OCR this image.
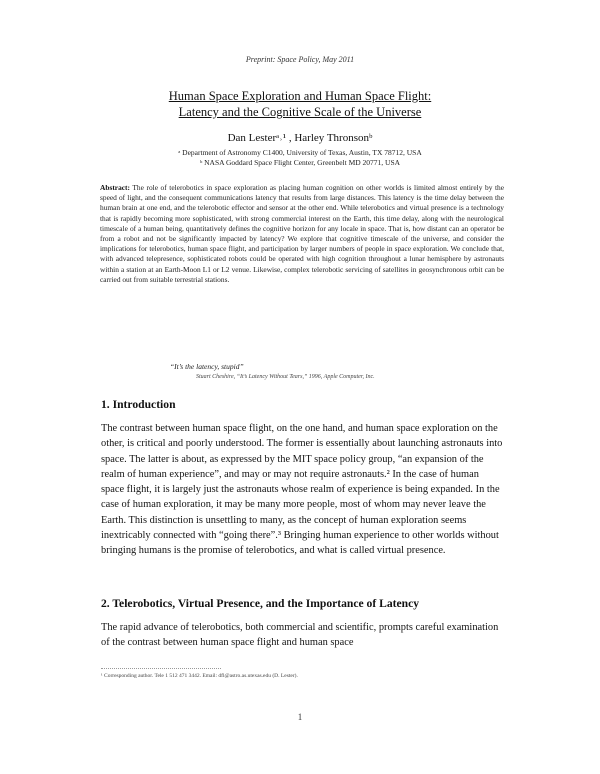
Preprint: Space Policy, May 2011
Human Space Exploration and Human Space Flight:
Latency and the Cognitive Scale of the Universe
Dan Lesterᵃ˒¹ , Harley Thronsonᵇ
ᵃ Department of Astronomy C1400, University of Texas, Austin, TX 78712, USA
ᵇ NASA Goddard Space Flight Center, Greenbelt MD 20771, USA
Abstract: The role of telerobotics in space exploration as placing human cognition on other worlds is limited almost entirely by the speed of light, and the consequent communications latency that results from large distances. This latency is the time delay between the human brain at one end, and the telerobotic effector and sensor at the other end. While telerobotics and virtual presence is a technology that is rapidly becoming more sophisticated, with strong commercial interest on the Earth, this time delay, along with the neurological timescale of a human being, quantitatively defines the cognitive horizon for any locale in space. That is, how distant can an operator be from a robot and not be significantly impacted by latency? We explore that cognitive timescale of the universe, and consider the implications for telerobotics, human space flight, and participation by larger numbers of people in space exploration. We conclude that, with advanced telepresence, sophisticated robots could be operated with high cognition throughout a lunar hemisphere by astronauts within a station at an Earth-Moon L1 or L2 venue. Likewise, complex telerobotic servicing of satellites in geosynchronous orbit can be carried out from suitable terrestrial stations.
“It’s the latency, stupid”
Stuart Cheshire, “It’s Latency Without Tears,” 1996, Apple Computer, Inc.
1. Introduction
The contrast between human space flight, on the one hand, and human space exploration on the other, is critical and poorly understood. The former is essentially about launching astronauts into space. The latter is about, as expressed by the MIT space policy group, “an expansion of the realm of human experience”, and may or may not require astronauts.² In the case of human space flight, it is largely just the astronauts whose realm of experience is being expanded. In the case of human exploration, it may be many more people, most of whom may never leave the Earth. This distinction is unsettling to many, as the concept of human exploration seems inextricably connected with “going there”.³ Bringing human experience to other worlds without bringing humans is the promise of telerobotics, and what is called virtual presence.
2. Telerobotics, Virtual Presence, and the Importance of Latency
The rapid advance of telerobotics, both commercial and scientific, prompts careful examination of the contrast between human space flight and human space
¹ Corresponding author. Tele 1 512 471 3442. Email: dfl@astro.as.utexas.edu (D. Lester).
1
